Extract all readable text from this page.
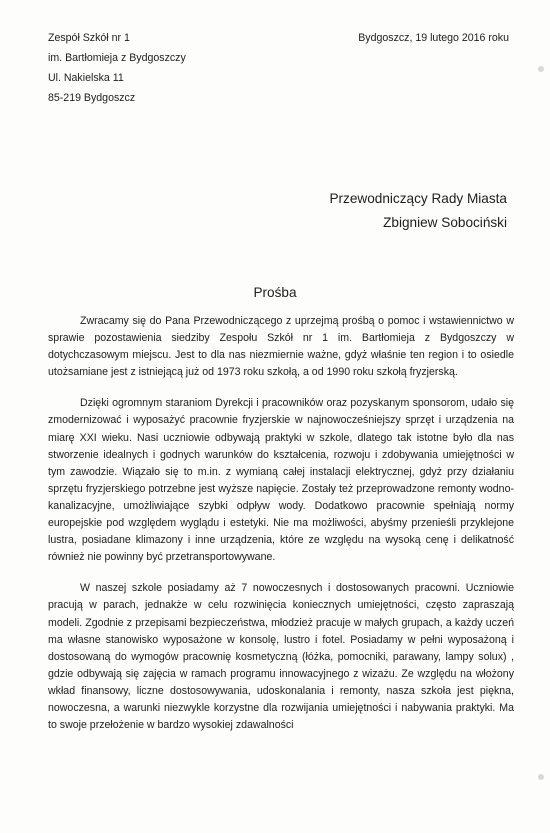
Zespół Szkół nr 1
im. Bartłomieja z Bydgoszczy
Ul. Nakielska 11
85-219 Bydgoszcz
Bydgoszcz, 19 lutego 2016 roku
Przewodniczący Rady Miasta
Zbigniew Sobociński
Prośba

Zwracamy się do Pana Przewodniczącego z uprzejmą prośbą o pomoc i wstawiennictwo w sprawie pozostawienia siedziby Zespołu Szkół nr 1 im. Bartłomieja z Bydgoszczy w dotychczasowym miejscu. Jest to dla nas niezmiernie ważne, gdyż właśnie ten region i to osiedle utożsamiane jest z istniejącą już od 1973 roku szkołą, a od 1990 roku szkołą fryzjerską.

Dzięki ogromnym staraniom Dyrekcji i pracowników oraz pozyskanym sponsorom, udało się zmodernizować i wyposażyć pracownie fryzjerskie w najnowocześniejszy sprzęt i urządzenia na miarę XXI wieku. Nasi uczniowie odbywają praktyki w szkole, dlatego tak istotne było dla nas stworzenie idealnych i godnych warunków do kształcenia, rozwoju i zdobywania umiejętności w tym zawodzie. Wiązało się to m.in. z wymianą całej instalacji elektrycznej, gdyż przy działaniu sprzętu fryzjerskiego potrzebne jest wyższe napięcie. Zostały też przeprowadzone remonty wodno-kanalizacyjne, umożliwiające szybki odpływ wody. Dodatkowo pracownie spełniają normy europejskie pod względem wyglądu i estetyki. Nie ma możliwości, abyśmy przenieśli przyklejone lustra, posiadane klimazony i inne urządzenia, które ze względu na wysoką cenę i delikatność również nie powinny być przetransportowywane.

W naszej szkole posiadamy aż 7 nowoczesnych i dostosowanych pracowni. Uczniowie pracują w parach, jednakże w celu rozwinięcia koniecznych umiejętności, często zapraszają modeli. Zgodnie z przepisami bezpieczeństwa, młodzież pracuje w małych grupach, a każdy uczeń ma własne stanowisko wyposażone w konsolę, lustro i fotel. Posiadamy w pełni wyposażoną i dostosowaną do wymogów pracownię kosmetyczną (łóżka, pomocniki, parawany, lampy solux) , gdzie odbywają się zajęcia w ramach programu innowacyjnego z wizażu. Ze względu na włożony wkład finansowy, liczne dostosowywania, udoskonalania i remonty, nasza szkoła jest piękna, nowoczesna, a warunki niezwykle korzystne dla rozwijania umiejętności i nabywania praktyki. Ma to swoje przełożenie w bardzo wysokiej zdawalności
